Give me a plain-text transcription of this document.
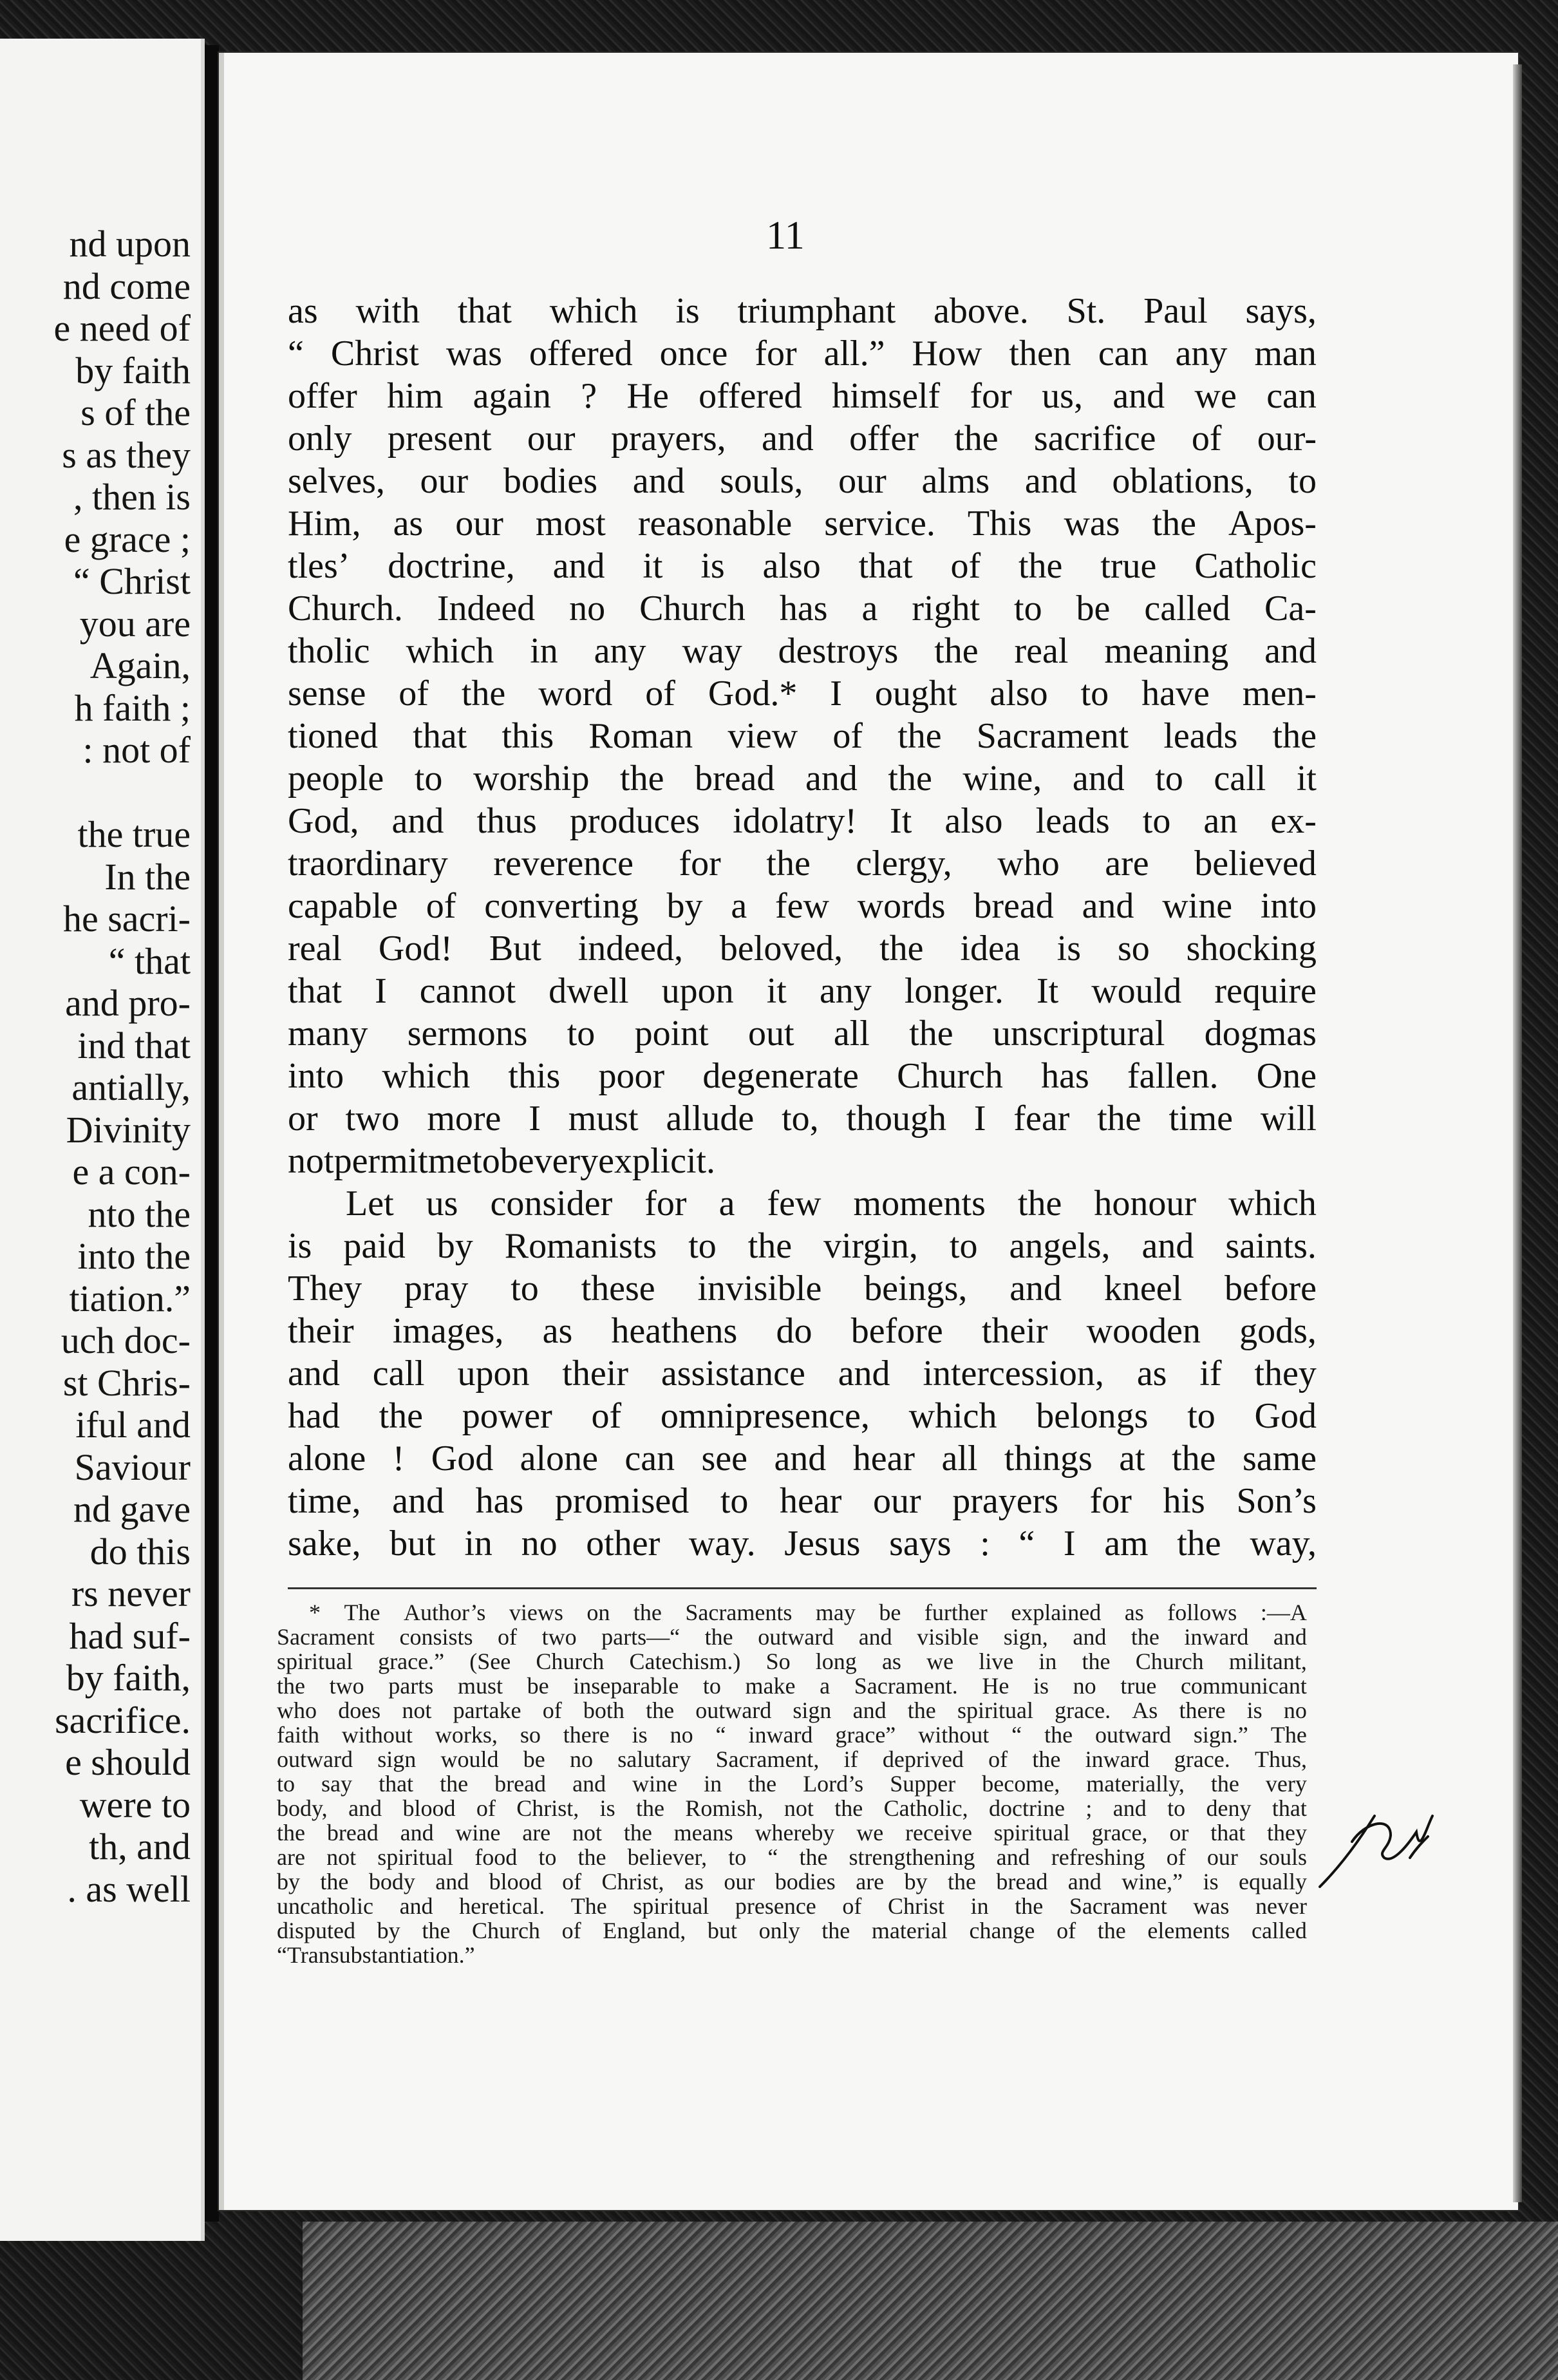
nd upon
nd come
e need of
by faith
s of the
s as they
, then is
e grace ;
“ Christ
you are
Again,
h faith ;
: not of
the true
In the
he sacri-
“ that
and pro-
ind that
antially,
Divinity
e a con-
nto the
into the
tiation.”
uch doc-
st Chris-
iful and
Saviour
nd gave
do this
rs never
had suf-
by faith,
sacrifice.
e should
were to
th, and
. as well
11
as with that which is triumphant above. St. Paul says,
“ Christ was offered once for all.” How then can any man
offer him again ? He offered himself for us, and we can
only present our prayers, and offer the sacrifice of our-
selves, our bodies and souls, our alms and oblations, to
Him, as our most reasonable service. This was the Apos-
tles’ doctrine, and it is also that of the true Catholic
Church. Indeed no Church has a right to be called Ca-
tholic which in any way destroys the real meaning and
sense of the word of God.* I ought also to have men-
tioned that this Roman view of the Sacrament leads the
people to worship the bread and the wine, and to call it
God, and thus produces idolatry! It also leads to an ex-
traordinary reverence for the clergy, who are believed
capable of converting by a few words bread and wine into
real God! But indeed, beloved, the idea is so shocking
that I cannot dwell upon it any longer. It would require
many sermons to point out all the unscriptural dogmas
into which this poor degenerate Church has fallen. One
or two more I must allude to, though I fear the time will
not permit me to be very explicit.
Let us consider for a few moments the honour which
is paid by Romanists to the virgin, to angels, and saints.
They pray to these invisible beings, and kneel before
their images, as heathens do before their wooden gods,
and call upon their assistance and intercession, as if they
had the power of omnipresence, which belongs to God
alone ! God alone can see and hear all things at the same
time, and has promised to hear our prayers for his Son’s
sake, but in no other way. Jesus says : “ I am the way,
* The Author’s views on the Sacraments may be further explained as follows :—A
Sacrament consists of two parts—“ the outward and visible sign, and the inward and
spiritual grace.” (See Church Catechism.) So long as we live in the Church militant,
the two parts must be inseparable to make a Sacrament. He is no true communicant
who does not partake of both the outward sign and the spiritual grace. As there is no
faith without works, so there is no “ inward grace” without “ the outward sign.” The
outward sign would be no salutary Sacrament, if deprived of the inward grace. Thus,
to say that the bread and wine in the Lord’s Supper become, materially, the very
body, and blood of Christ, is the Romish, not the Catholic, doctrine ; and to deny that
the bread and wine are not the means whereby we receive spiritual grace, or that they
are not spiritual food to the believer, to “ the strengthening and refreshing of our souls
by the body and blood of Christ, as our bodies are by the bread and wine,” is equally
uncatholic and heretical. The spiritual presence of Christ in the Sacrament was never
disputed by the Church of England, but only the material change of the elements called
“ Transubstantiation.”
say
